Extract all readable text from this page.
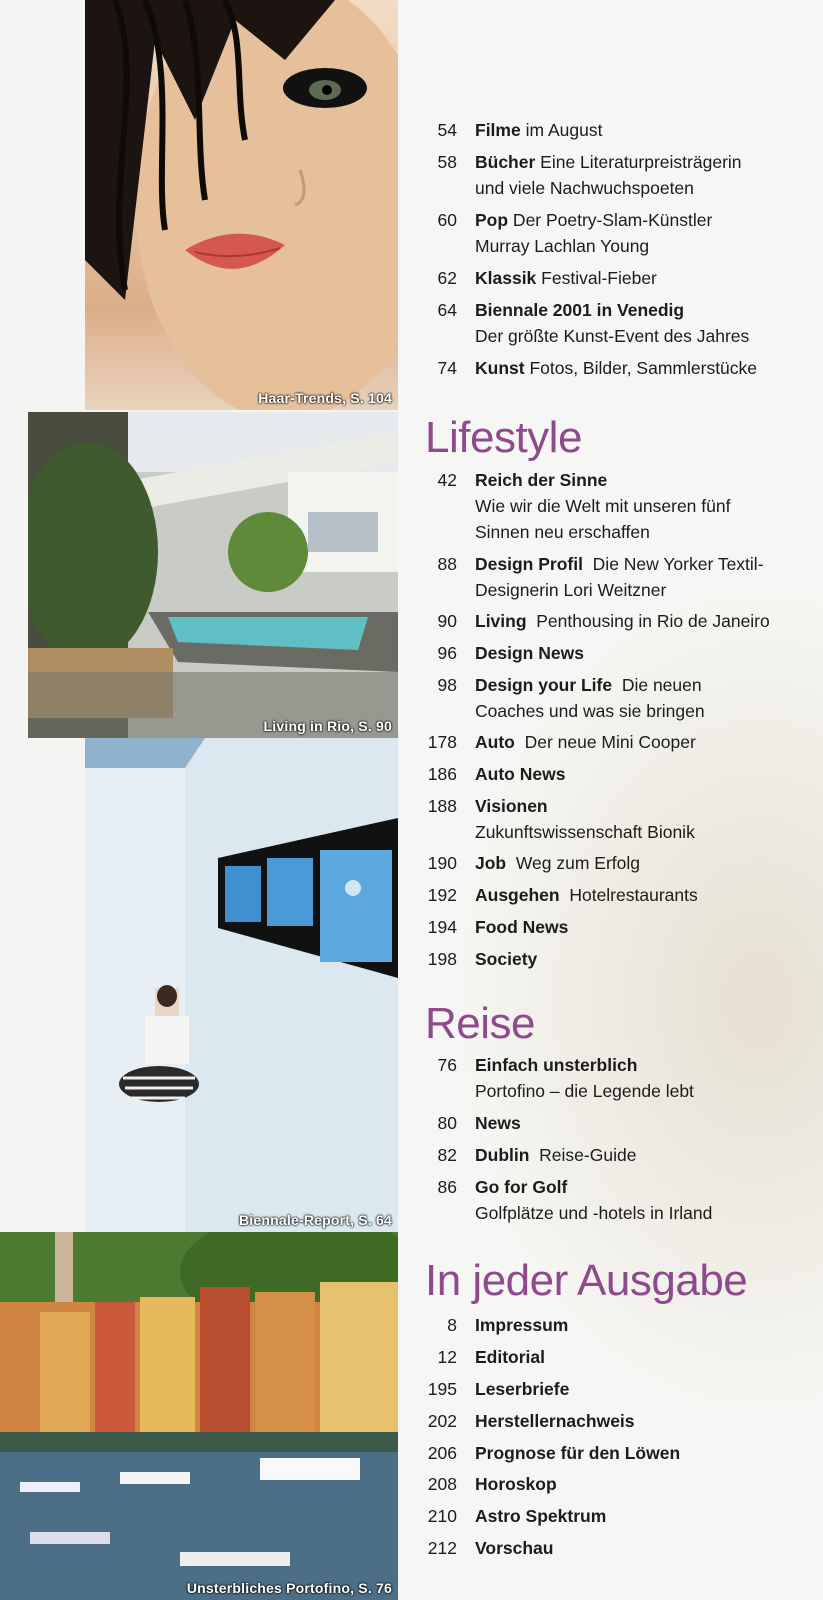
Haar-Trends, S. 104
Living in Rio, S. 90
Biennale-Report, S. 64
Unsterbliches Portofino, S. 76
54 Filme im August
58 Bücher Eine Literaturpreisträgerin
und viele Nachwuchspoeten
60 Pop Der Poetry-Slam-Künstler
Murray Lachlan Young
62 Klassik Festival-Fieber
64 Biennale 2001 in Venedig
Der größte Kunst-Event des Jahres
74 Kunst Fotos, Bilder, Sammlerstücke
Lifestyle
42 Reich der Sinne
Wie wir die Welt mit unseren fünf
Sinnen neu erschaffen
88 Design Profil  Die New Yorker Textil-
Designerin Lori Weitzner
90 Living  Penthousing in Rio de Janeiro
96 Design News
98 Design your Life  Die neuen
Coaches und was sie bringen
178 Auto  Der neue Mini Cooper
186 Auto News
188 Visionen
Zukunftswissenschaft Bionik
190 Job  Weg zum Erfolg
192 Ausgehen  Hotelrestaurants
194 Food News
198 Society
Reise
76 Einfach unsterblich
Portofino – die Legende lebt
80 News
82 Dublin  Reise-Guide
86 Go for Golf
Golfplätze und -hotels in Irland
In jeder Ausgabe
8 Impressum
12 Editorial
195 Leserbriefe
202 Herstellernachweis
206 Prognose für den Löwen
208 Horoskop
210 Astro Spektrum
212 Vorschau
